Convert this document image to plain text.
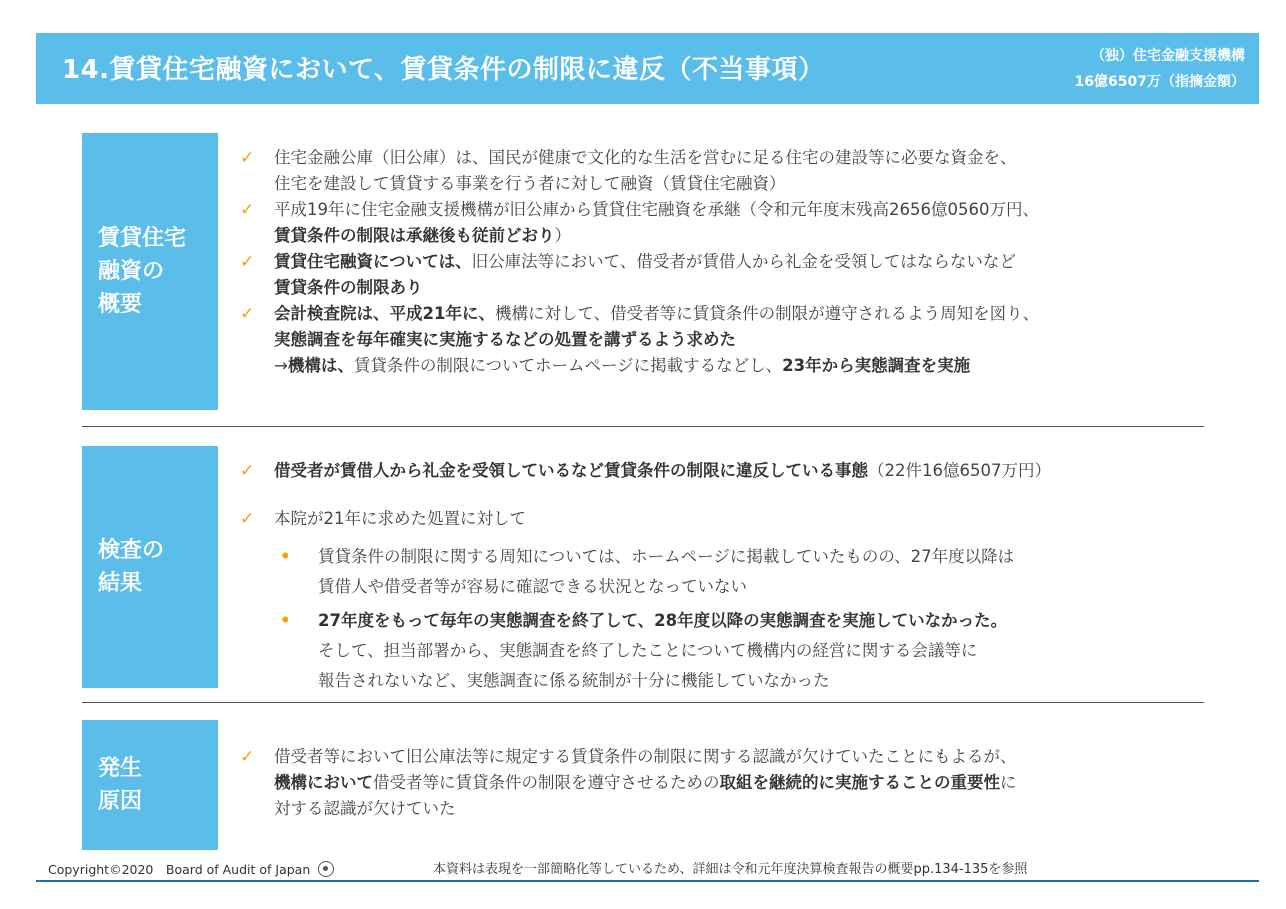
14.賃貸住宅融資において、賃貸条件の制限に違反（不当事項）	（独）住宅金融支援機構
16億6507万（指摘金額）
賃貸住宅
融資の
概要
✓ 住宅金融公庫（旧公庫）は、国民が健康で文化的な生活を営むに足る住宅の建設等に必要な資金を、
住宅を建設して賃貸する事業を行う者に対して融資（賃貸住宅融資）
✓ 平成19年に住宅金融支援機構が旧公庫から賃貸住宅融資を承継（令和元年度末残高2656億0560万円、
賃貸条件の制限は承継後も従前どおり）
✓ 賃貸住宅融資については、旧公庫法等において、借受者が賃借人から礼金を受領してはならないなど
賃貸条件の制限あり
✓ 会計検査院は、平成21年に、機構に対して、借受者等に賃貸条件の制限が遵守されるよう周知を図り、
実態調査を毎年確実に実施するなどの処置を講ずるよう求めた
→機構は、賃貸条件の制限についてホームページに掲載するなどし、23年から実態調査を実施
検査の
結果
✓ 借受者が賃借人から礼金を受領しているなど賃貸条件の制限に違反している事態（22件16億6507万円）
✓ 本院が21年に求めた処置に対して
• 賃貸条件の制限に関する周知については、ホームページに掲載していたものの、27年度以降は
賃借人や借受者等が容易に確認できる状況となっていない
• 27年度をもって毎年の実態調査を終了して、28年度以降の実態調査を実施していなかった。
そして、担当部署から、実態調査を終了したことについて機構内の経営に関する会議等に
報告されないなど、実態調査に係る統制が十分に機能していなかった
発生
原因
✓ 借受者等において旧公庫法等に規定する賃貸条件の制限に関する認識が欠けていたことにもよるが、
機構において借受者等に賃貸条件の制限を遵守させるための取組を継続的に実施することの重要性に
対する認識が欠けていた
Copyright©2020　Board of Audit of Japan	本資料は表現を一部簡略化等しているため、詳細は令和元年度決算検査報告の概要pp.134-135を参照
